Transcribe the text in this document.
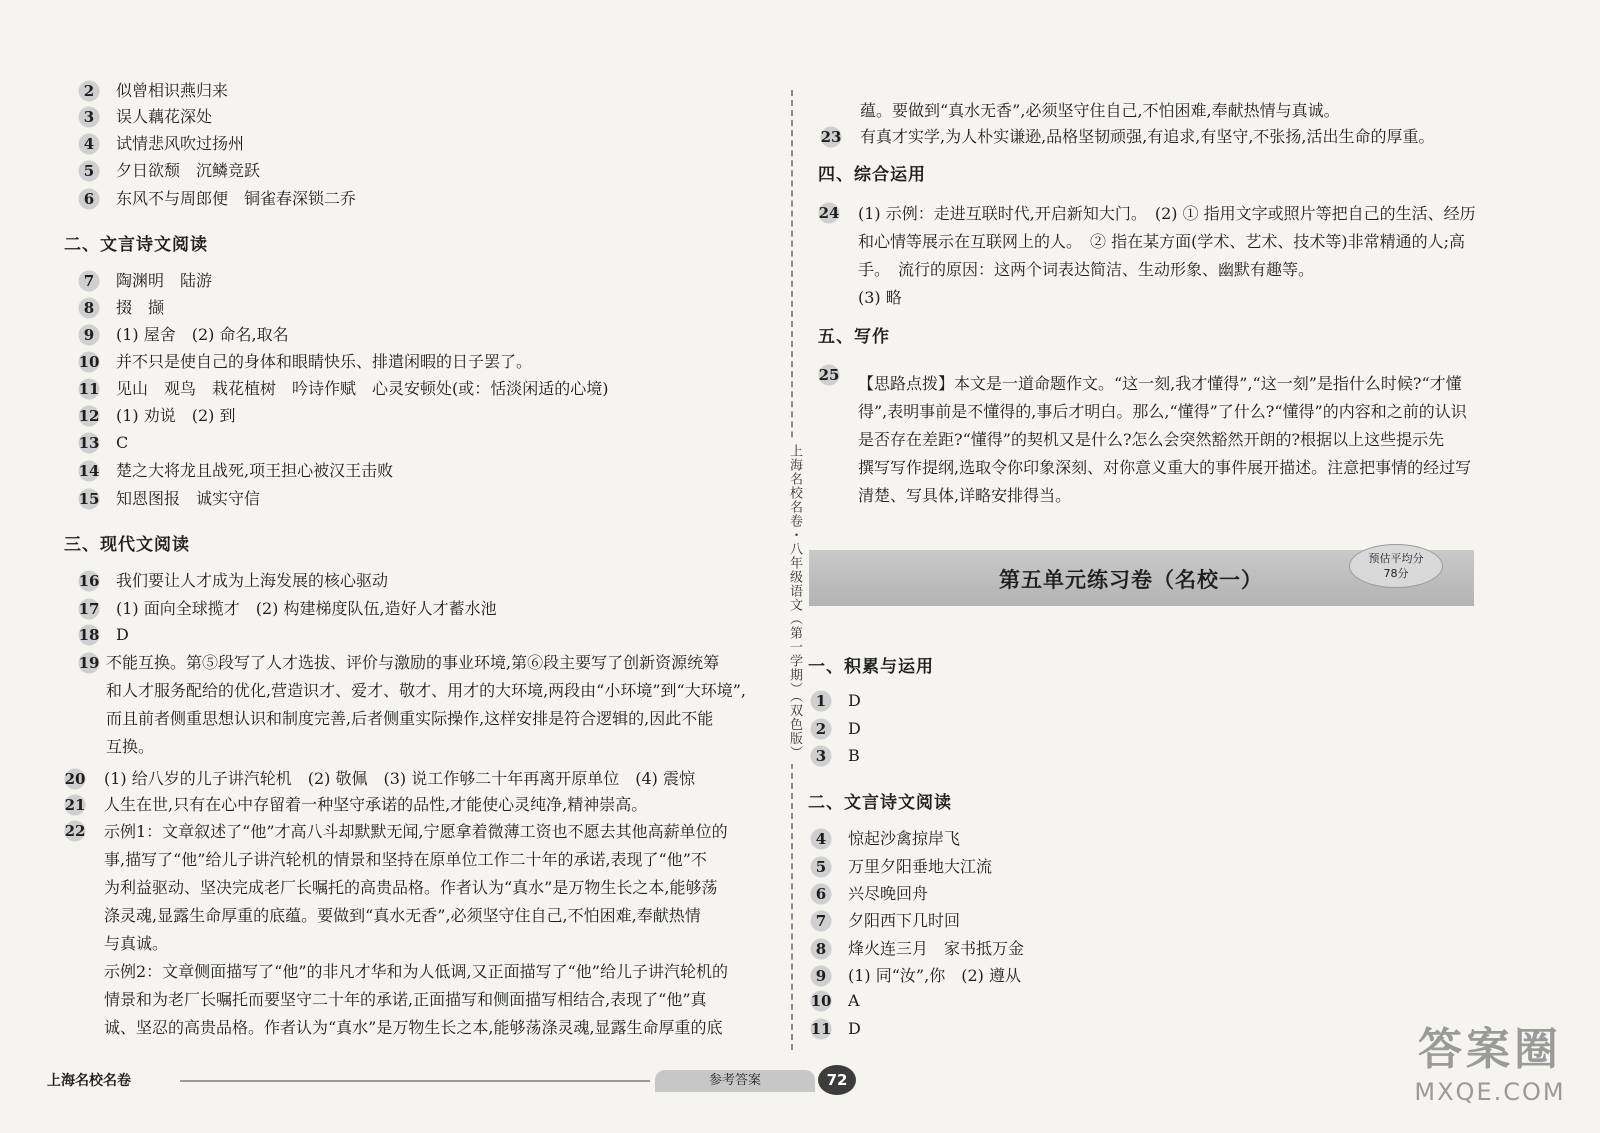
2	似曾相识燕归来
3	误人藕花深处
4	试情悲风吹过扬州
5	夕日欲颓　沉鳞竞跃
6	东风不与周郎便　铜雀春深锁二乔
二、文言诗文阅读
7	陶渊明　陆游
8	掇　撷
9	(1) 屋舍　(2) 命名,取名
10 并不只是使自己的身体和眼睛快乐、排遣闲暇的日子罢了。
11 见山　观鸟　栽花植树　吟诗作赋　心灵安顿处(或：恬淡闲适的心境)
12 (1) 劝说　(2) 到
13 C
14 楚之大将龙且战死,项王担心被汉王击败
15 知恩图报　诚实守信
三、现代文阅读
16 我们要让人才成为上海发展的核心驱动
17 (1) 面向全球揽才　(2) 构建梯度队伍,造好人才蓄水池
18 D
19 不能互换。第⑤段写了人才选拔、评价与激励的事业环境,第⑥段主要写了创新资源统筹
和人才服务配给的优化,营造识才、爱才、敬才、用才的大环境,两段由“小环境”到“大环境”,
而且前者侧重思想认识和制度完善,后者侧重实际操作,这样安排是符合逻辑的,因此不能
互换。
20 (1) 给八岁的儿子讲汽轮机　(2) 敬佩　(3) 说工作够二十年再离开原单位　(4) 震惊
21 人生在世,只有在心中存留着一种坚守承诺的品性,才能使心灵纯净,精神崇高。
22 示例1：文章叙述了“他”才高八斗却默默无闻,宁愿拿着微薄工资也不愿去其他高薪单位的
事,描写了“他”给儿子讲汽轮机的情景和坚持在原单位工作二十年的承诺,表现了“他”不
为利益驱动、坚决完成老厂长嘱托的高贵品格。作者认为“真水”是万物生长之本,能够荡
涤灵魂,显露生命厚重的底蕴。要做到“真水无香”,必须坚守住自己,不怕困难,奉献热情
与真诚。
示例2：文章侧面描写了“他”的非凡才华和为人低调,又正面描写了“他”给儿子讲汽轮机的
情景和为老厂长嘱托而要坚守二十年的承诺,正面描写和侧面描写相结合,表现了“他”真
诚、坚忍的高贵品格。作者认为“真水”是万物生长之本,能够荡涤灵魂,显露生命厚重的底
上海名校名卷
上海名校名卷・八年级语文（第一学期）（双色版）
蕴。要做到“真水无香”,必须坚守住自己,不怕困难,奉献热情与真诚。
23 有真才实学,为人朴实谦逊,品格坚韧顽强,有追求,有坚守,不张扬,活出生命的厚重。
四、综合运用
24 (1) 示例：走进互联时代,开启新知大门。　(2) ① 指用文字或照片等把自己的生活、经历
和心情等展示在互联网上的人。　② 指在某方面(学术、艺术、技术等)非常精通的人;高
手。　流行的原因：这两个词表达简洁、生动形象、幽默有趣等。
(3) 略
五、写作
25 【思路点拨】本文是一道命题作文。“这一刻,我才懂得”,“这一刻”是指什么时候?“才懂
得”,表明事前是不懂得的,事后才明白。那么,“懂得”了什么?“懂得”的内容和之前的认识
是否存在差距?“懂得”的契机又是什么?怎么会突然豁然开朗的?根据以上这些提示先
撰写写作提纲,选取令你印象深刻、对你意义重大的事件展开描述。注意把事情的经过写
清楚、写具体,详略安排得当。
第五单元练习卷（名校一）
预估平均分
78分
一、积累与运用
1	D
2	D
3	B
二、文言诗文阅读
4	惊起沙禽掠岸飞
5	万里夕阳垂地大江流
6	兴尽晚回舟
7	夕阳西下几时回
8	烽火连三月　家书抵万金
9	(1) 同“汝”,你　(2) 遵从
10 A
11 D	答案圈
MXQE.COM
参考答案	72
